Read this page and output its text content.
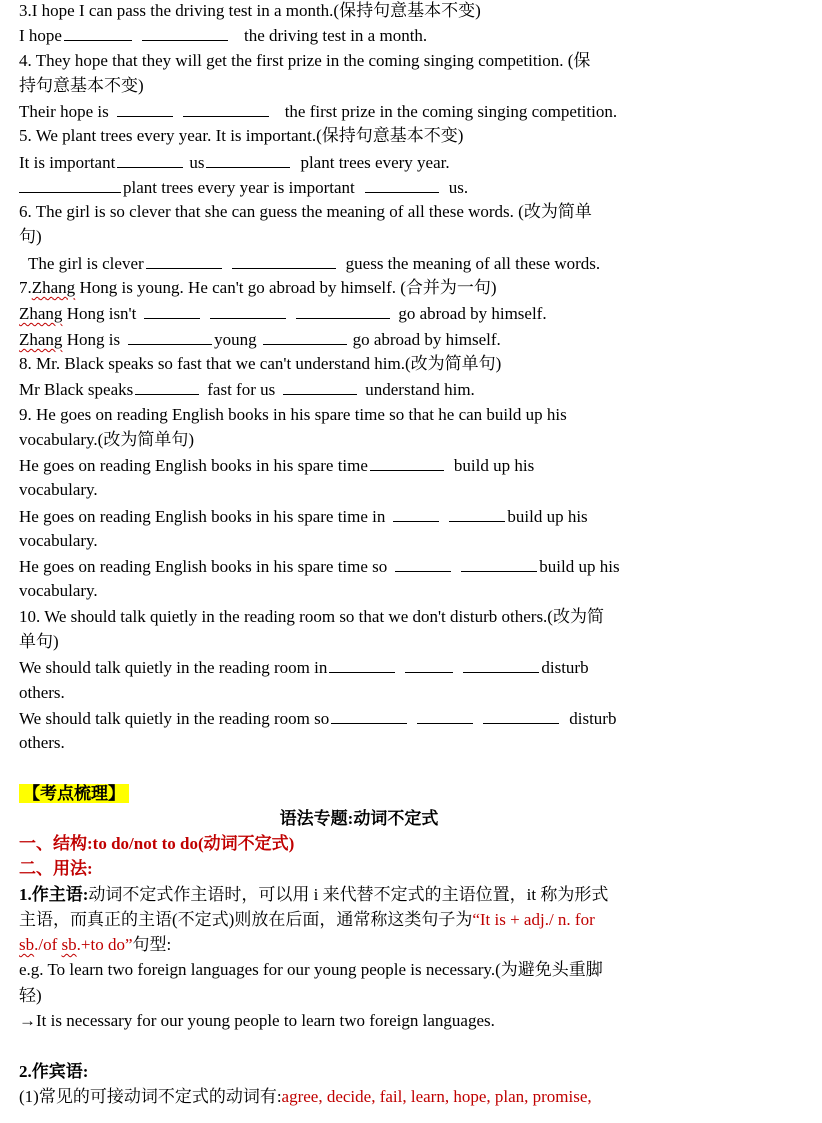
3.I hope I can pass the driving test in a month.(保持句意基本不变)
I hope	the driving test in a month.
4. They hope that they will get the first prize in the coming singing competition. (保
持句意基本不变)
Their hope is	the first prize in the coming singing competition.
5. We plant trees every year. It is important.(保持句意基本不变)
It is important	us	plant trees every year.
plant trees every year is important	us.
6. The girl is so clever that she can guess the meaning of all these words. (改为简单
句)
The girl is clever	guess the meaning of all these words.
7.Zhang Hong is young. He can't go abroad by himself. (合并为一句)
Zhang Hong isn't	go abroad by himself.
Zhang Hong is	young	go abroad by himself.
8. Mr. Black speaks so fast that we can't understand him.(改为简单句)
Mr Black speaks	fast for us	understand him.
9. He goes on reading English books in his spare time so that he can build up his
vocabulary.(改为简单句)
He goes on reading English books in his spare time	build up his
vocabulary.
He goes on reading English books in his spare time in	build up his
vocabulary.
He goes on reading English books in his spare time so	build up his
vocabulary.
10. We should talk quietly in the reading room so that we don't disturb others.(改为简
单句)
We should talk quietly in the reading room in	disturb
others.
We should talk quietly in the reading room so	disturb
others.
【考点梳理】
语法专题:动词不定式
一、结构:to do/not to do(动词不定式)
二、用法:
1.作主语:动词不定式作主语时，可以用 i 来代替不定式的主语位置，it 称为形式
主语，而真正的主语(不定式)则放在后面，通常称这类句子为“It is + adj./ n. for
sb./of sb.+to do”句型:
e.g. To learn two foreign languages for our young people is necessary.(为避免头重脚
轻)
→It is necessary for our young people to learn two foreign languages.
2.作宾语:
(1)常见的可接动词不定式的动词有:agree, decide, fail, learn, hope, plan, promise,
